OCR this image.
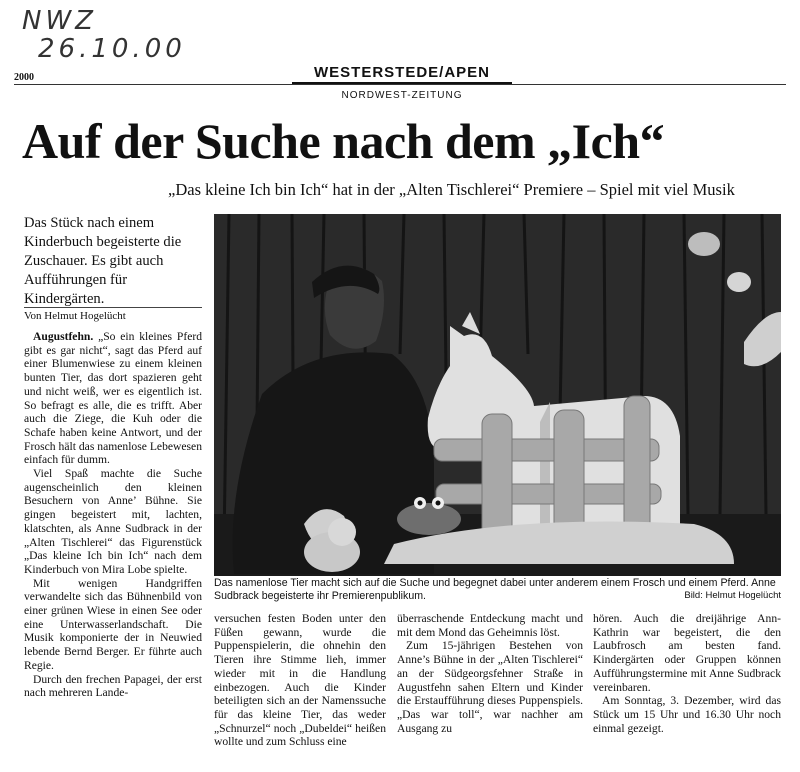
NWZ
26.10.00
2000	WESTERSTEDE/APEN
NORDWEST-ZEITUNG
Auf der Suche nach dem „Ich“
„Das kleine Ich bin Ich“ hat in der „Alten Tischlerei“ Premiere – Spiel mit viel Musik
Das Stück nach einem Kinderbuch begeisterte die Zuschauer. Es gibt auch Aufführungen für Kindergärten.
Von Helmut Hogelücht

Augustfehn. „So ein kleines Pferd gibt es gar nicht“, sagt das Pferd auf einer Blumenwiese zu einem kleinen bunten Tier, das dort spazieren geht und nicht weiß, wer es eigentlich ist. So befragt es alle, die es trifft. Aber auch die Ziege, die Kuh oder die Schafe haben keine Antwort, und der Frosch hält das namenlose Lebewesen einfach für dumm.

Viel Spaß machte die Suche augenscheinlich den kleinen Besuchern von Anne’ Bühne. Sie gingen begeistert mit, lachten, klatschten, als Anne Sudbrack in der „Alten Tischlerei“ das Figurenstück „Das kleine Ich bin Ich“ nach dem Kinderbuch von Mira Lobe spielte.

Mit wenigen Handgriffen verwandelte sich das Bühnenbild von einer grünen Wiese in einen See oder eine Unterwasserlandschaft. Die Musik komponierte der in Neuwied lebende Bernd Berger. Er führte auch Regie.

Durch den frechen Papagei, der erst nach mehreren Lande-

Das namenlose Tier macht sich auf die Suche und begegnet dabei unter anderem einem Frosch und einem Pferd. Anne Sudbrack begeisterte ihr Premierenpublikum.	Bild: Helmut Hogelücht

versuchen festen Boden unter den Füßen gewann, wurde die Puppenspielerin, die ohnehin den Tieren ihre Stimme lieh, immer wieder mit in die Handlung einbezogen. Auch die Kinder beteiligten sich an der Namenssuche für das kleine Tier, das weder „Schnurzel“ noch „Dubeldei“ heißen wollte und zum Schluss eine

überraschende Entdeckung macht und mit dem Mond das Geheimnis löst.

Zum 15-jährigen Bestehen von Anne’s Bühne in der „Alten Tischlerei“ an der Südgeorgsfehner Straße in Augustfehn sahen Eltern und Kinder die Erstaufführung dieses Puppenspiels. „Das war toll“, war nachher am Ausgang zu

hören. Auch die dreijährige Ann-Kathrin war begeistert, die den Laubfrosch am besten fand. Kindergärten oder Gruppen können Aufführungstermine mit Anne Sudbrack vereinbaren.

Am Sonntag, 3. Dezember, wird das Stück um 15 Uhr und 16.30 Uhr noch einmal gezeigt.
